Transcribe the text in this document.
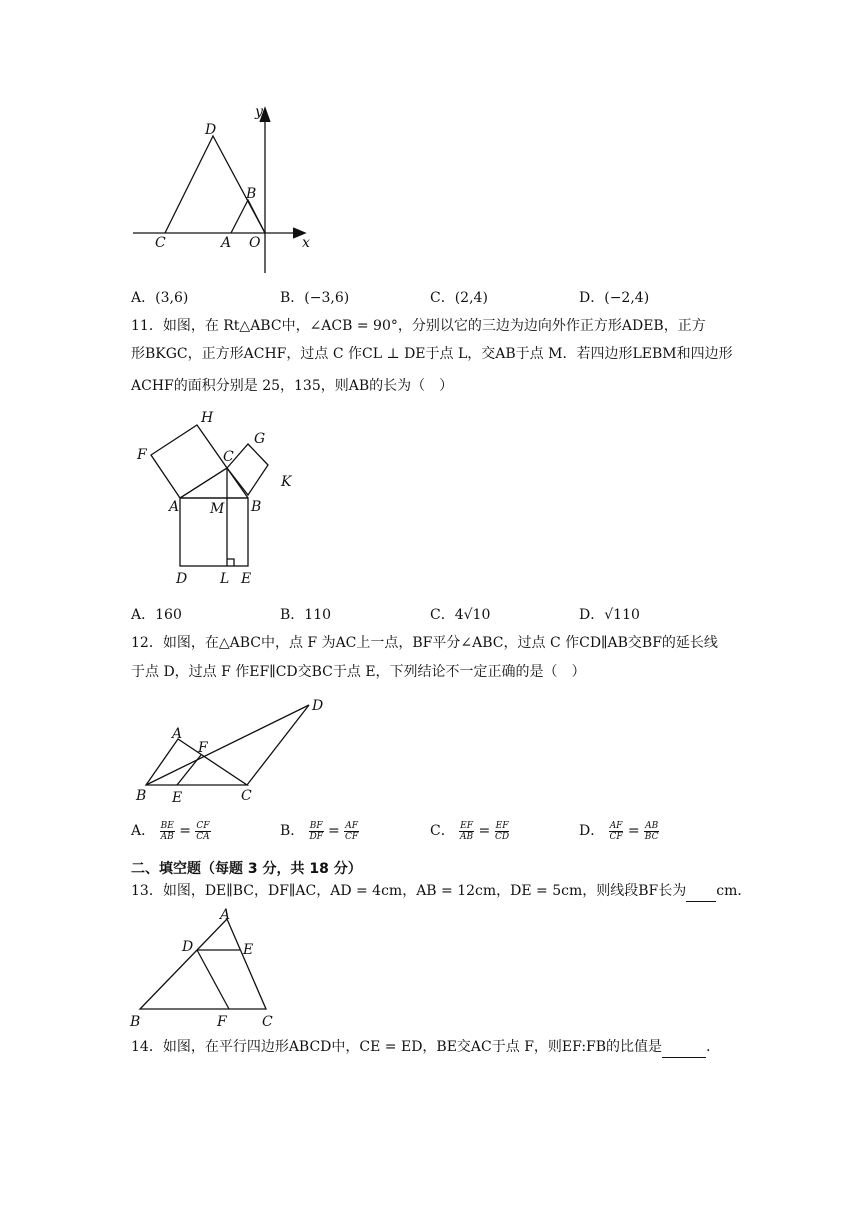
y
x
D
B
C	A O
A．(3,6)	B．(−3,6)	C．(2,4)	D．(−2,4)
11．如图，在 Rt△ABC中，∠ACB = 90°，分别以它的三边为边向外作正方形ADEB，正方
形BKGC，正方形ACHF，过点 C 作CL ⊥ DE于点 L，交AB于点 M．若四边形LEBM和四边形
ACHF的面积分别是 25，135，则AB的长为（　）
H
G
F	C
K
A M B
D L E
A．160	B．110	C．4√10	D．√110
12．如图，在△ABC中，点 F 为AC上一点，BF平分∠ABC，过点 C 作CD∥AB交BF的延长线
于点 D，过点 F 作EF∥CD交BC于点 E，下列结论不一定正确的是（　）
D
A
F
B E	C
A． $\frac{BE}{AB} = \frac{CF}{CA}$	B． $\frac{BF}{DF} = \frac{AF}{CF}$	C． $\frac{EF}{AB} = \frac{EF}{CD}$	D． $\frac{AF}{CF} = \frac{AB}{BC}$
二、填空题（每题 3 分，共 18 分）
13．如图，DE∥BC，DF∥AC，AD = 4cm，AB = 12cm，DE = 5cm，则线段BF长为 cm．
A
D	E
B	F	C
14．如图，在平行四边形ABCD中，CE = ED，BE交AC于点 F，则EF:FB的比值是	．
